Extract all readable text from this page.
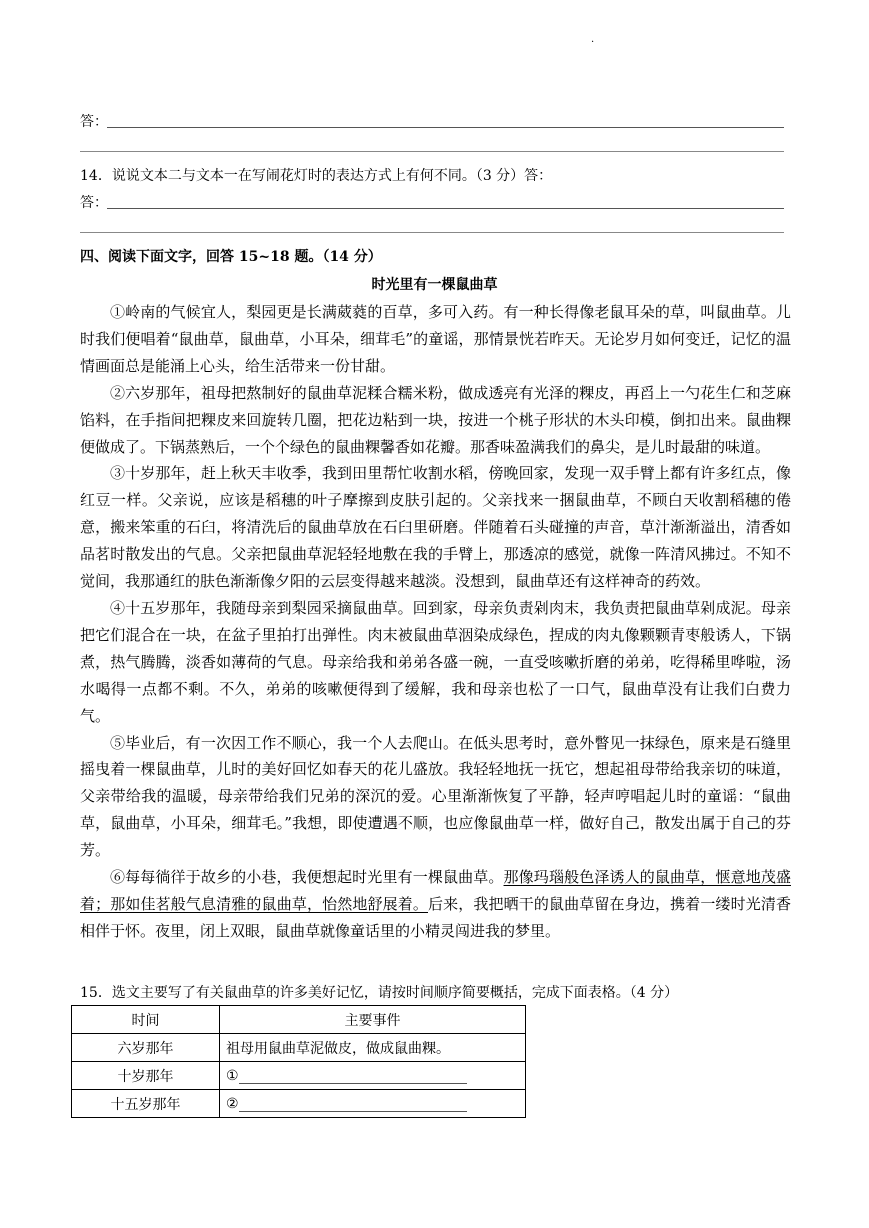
.
答：
14．说说文本二与文本一在写闹花灯时的表达方式上有何不同。（3 分）答：
答：
四、阅读下面文字，回答 15~18 题。（14 分）
时光里有一棵鼠曲草

①岭南的气候宜人，梨园更是长满葳蕤的百草，多可入药。有一种长得像老鼠耳朵的草，叫鼠曲草。儿时我们便唱着“鼠曲草，鼠曲草，小耳朵，细茸毛”的童谣，那情景恍若昨天。无论岁月如何变迁，记忆的温情画面总是能涌上心头，给生活带来一份甘甜。

②六岁那年，祖母把熬制好的鼠曲草泥糅合糯米粉，做成透亮有光泽的粿皮，再舀上一勺花生仁和芝麻馅料，在手指间把粿皮来回旋转几圈，把花边粘到一块，按进一个桃子形状的木头印模，倒扣出来。鼠曲粿便做成了。下锅蒸熟后，一个个绿色的鼠曲粿馨香如花瓣。那香味盈满我们的鼻尖，是儿时最甜的味道。

③十岁那年，赶上秋天丰收季，我到田里帮忙收割水稻，傍晚回家，发现一双手臂上都有许多红点，像红豆一样。父亲说，应该是稻穗的叶子摩擦到皮肤引起的。父亲找来一捆鼠曲草，不顾白天收割稻穗的倦意，搬来笨重的石臼，将清洗后的鼠曲草放在石臼里研磨。伴随着石头碰撞的声音，草汁渐渐溢出，清香如品茗时散发出的气息。父亲把鼠曲草泥轻轻地敷在我的手臂上，那透凉的感觉，就像一阵清风拂过。不知不觉间，我那通红的肤色渐渐像夕阳的云层变得越来越淡。没想到，鼠曲草还有这样神奇的药效。

④十五岁那年，我随母亲到梨园采摘鼠曲草。回到家，母亲负责剁肉末，我负责把鼠曲草剁成泥。母亲把它们混合在一块，在盆子里拍打出弹性。肉末被鼠曲草洇染成绿色，捏成的肉丸像颗颗青枣般诱人，下锅煮，热气腾腾，淡香如薄荷的气息。母亲给我和弟弟各盛一碗，一直受咳嗽折磨的弟弟，吃得稀里哗啦，汤水喝得一点都不剩。不久，弟弟的咳嗽便得到了缓解，我和母亲也松了一口气，鼠曲草没有让我们白费力气。

⑤毕业后，有一次因工作不顺心，我一个人去爬山。在低头思考时，意外瞥见一抹绿色，原来是石缝里摇曳着一棵鼠曲草，儿时的美好回忆如春天的花儿盛放。我轻轻地抚一抚它，想起祖母带给我亲切的味道，父亲带给我的温暖，母亲带给我们兄弟的深沉的爱。心里渐渐恢复了平静，轻声哼唱起儿时的童谣：“鼠曲草，鼠曲草，小耳朵，细茸毛。”我想，即使遭遇不顺，也应像鼠曲草一样，做好自己，散发出属于自己的芬芳。

⑥每每徜徉于故乡的小巷，我便想起时光里有一棵鼠曲草。那像玛瑙般色泽诱人的鼠曲草，惬意地茂盛着；那如佳茗般气息清雅的鼠曲草，怡然地舒展着。后来，我把晒干的鼠曲草留在身边，携着一缕时光清香相伴于怀。夜里，闭上双眼，鼠曲草就像童话里的小精灵闯进我的梦里。

15．选文主要写了有关鼠曲草的许多美好记忆，请按时间顺序简要概括，完成下面表格。（4 分）
时间	主要事件
六岁那年	祖母用鼠曲草泥做皮，做成鼠曲粿。
十岁那年	①
十五岁那年	②
